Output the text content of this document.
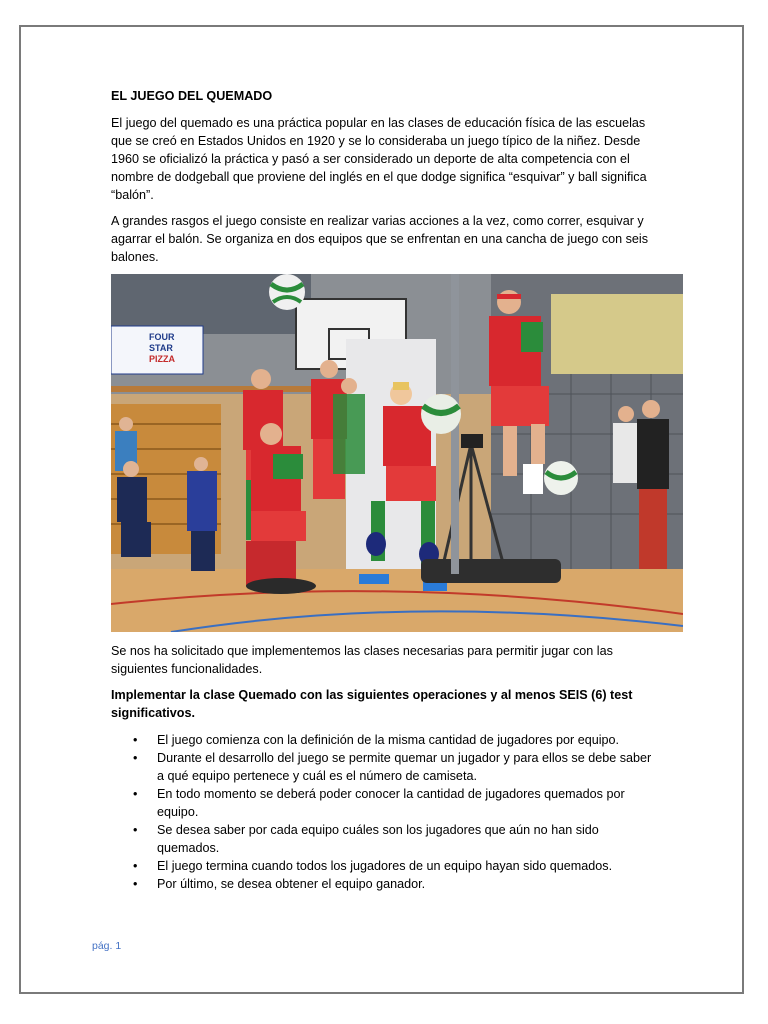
EL JUEGO DEL QUEMADO

El juego del quemado es una práctica popular en las clases de educación física de las escuelas que se creó en Estados Unidos en 1920 y se lo consideraba un juego típico de la niñez. Desde 1960 se oficializó la práctica y pasó a ser considerado un deporte de alta competencia con el nombre de dodgeball que proviene del inglés en el que dodge significa “esquivar” y ball significa “balón”.

A grandes rasgos el juego consiste en realizar varias acciones a la vez, como correr, esquivar y agarrar el balón. Se organiza en dos equipos que se enfrentan en una cancha de juego con seis balones.

FOUR
STAR
PIZZA

Se nos ha solicitado que implementemos las clases necesarias para permitir jugar con las siguientes funcionalidades.

Implementar la clase Quemado con las siguientes operaciones y al menos SEIS (6) test significativos.

• El juego comienza con la definición de la misma cantidad de jugadores por equipo.
• Durante el desarrollo del juego se permite quemar un jugador y para ellos se debe saber a qué equipo pertenece y cuál es el número de camiseta.
• En todo momento se deberá poder conocer la cantidad de jugadores quemados por equipo.
• Se desea saber por cada equipo cuáles son los jugadores que aún no han sido quemados.
• El juego termina cuando todos los jugadores de un equipo hayan sido quemados.
• Por último, se desea obtener el equipo ganador.
pág. 1
